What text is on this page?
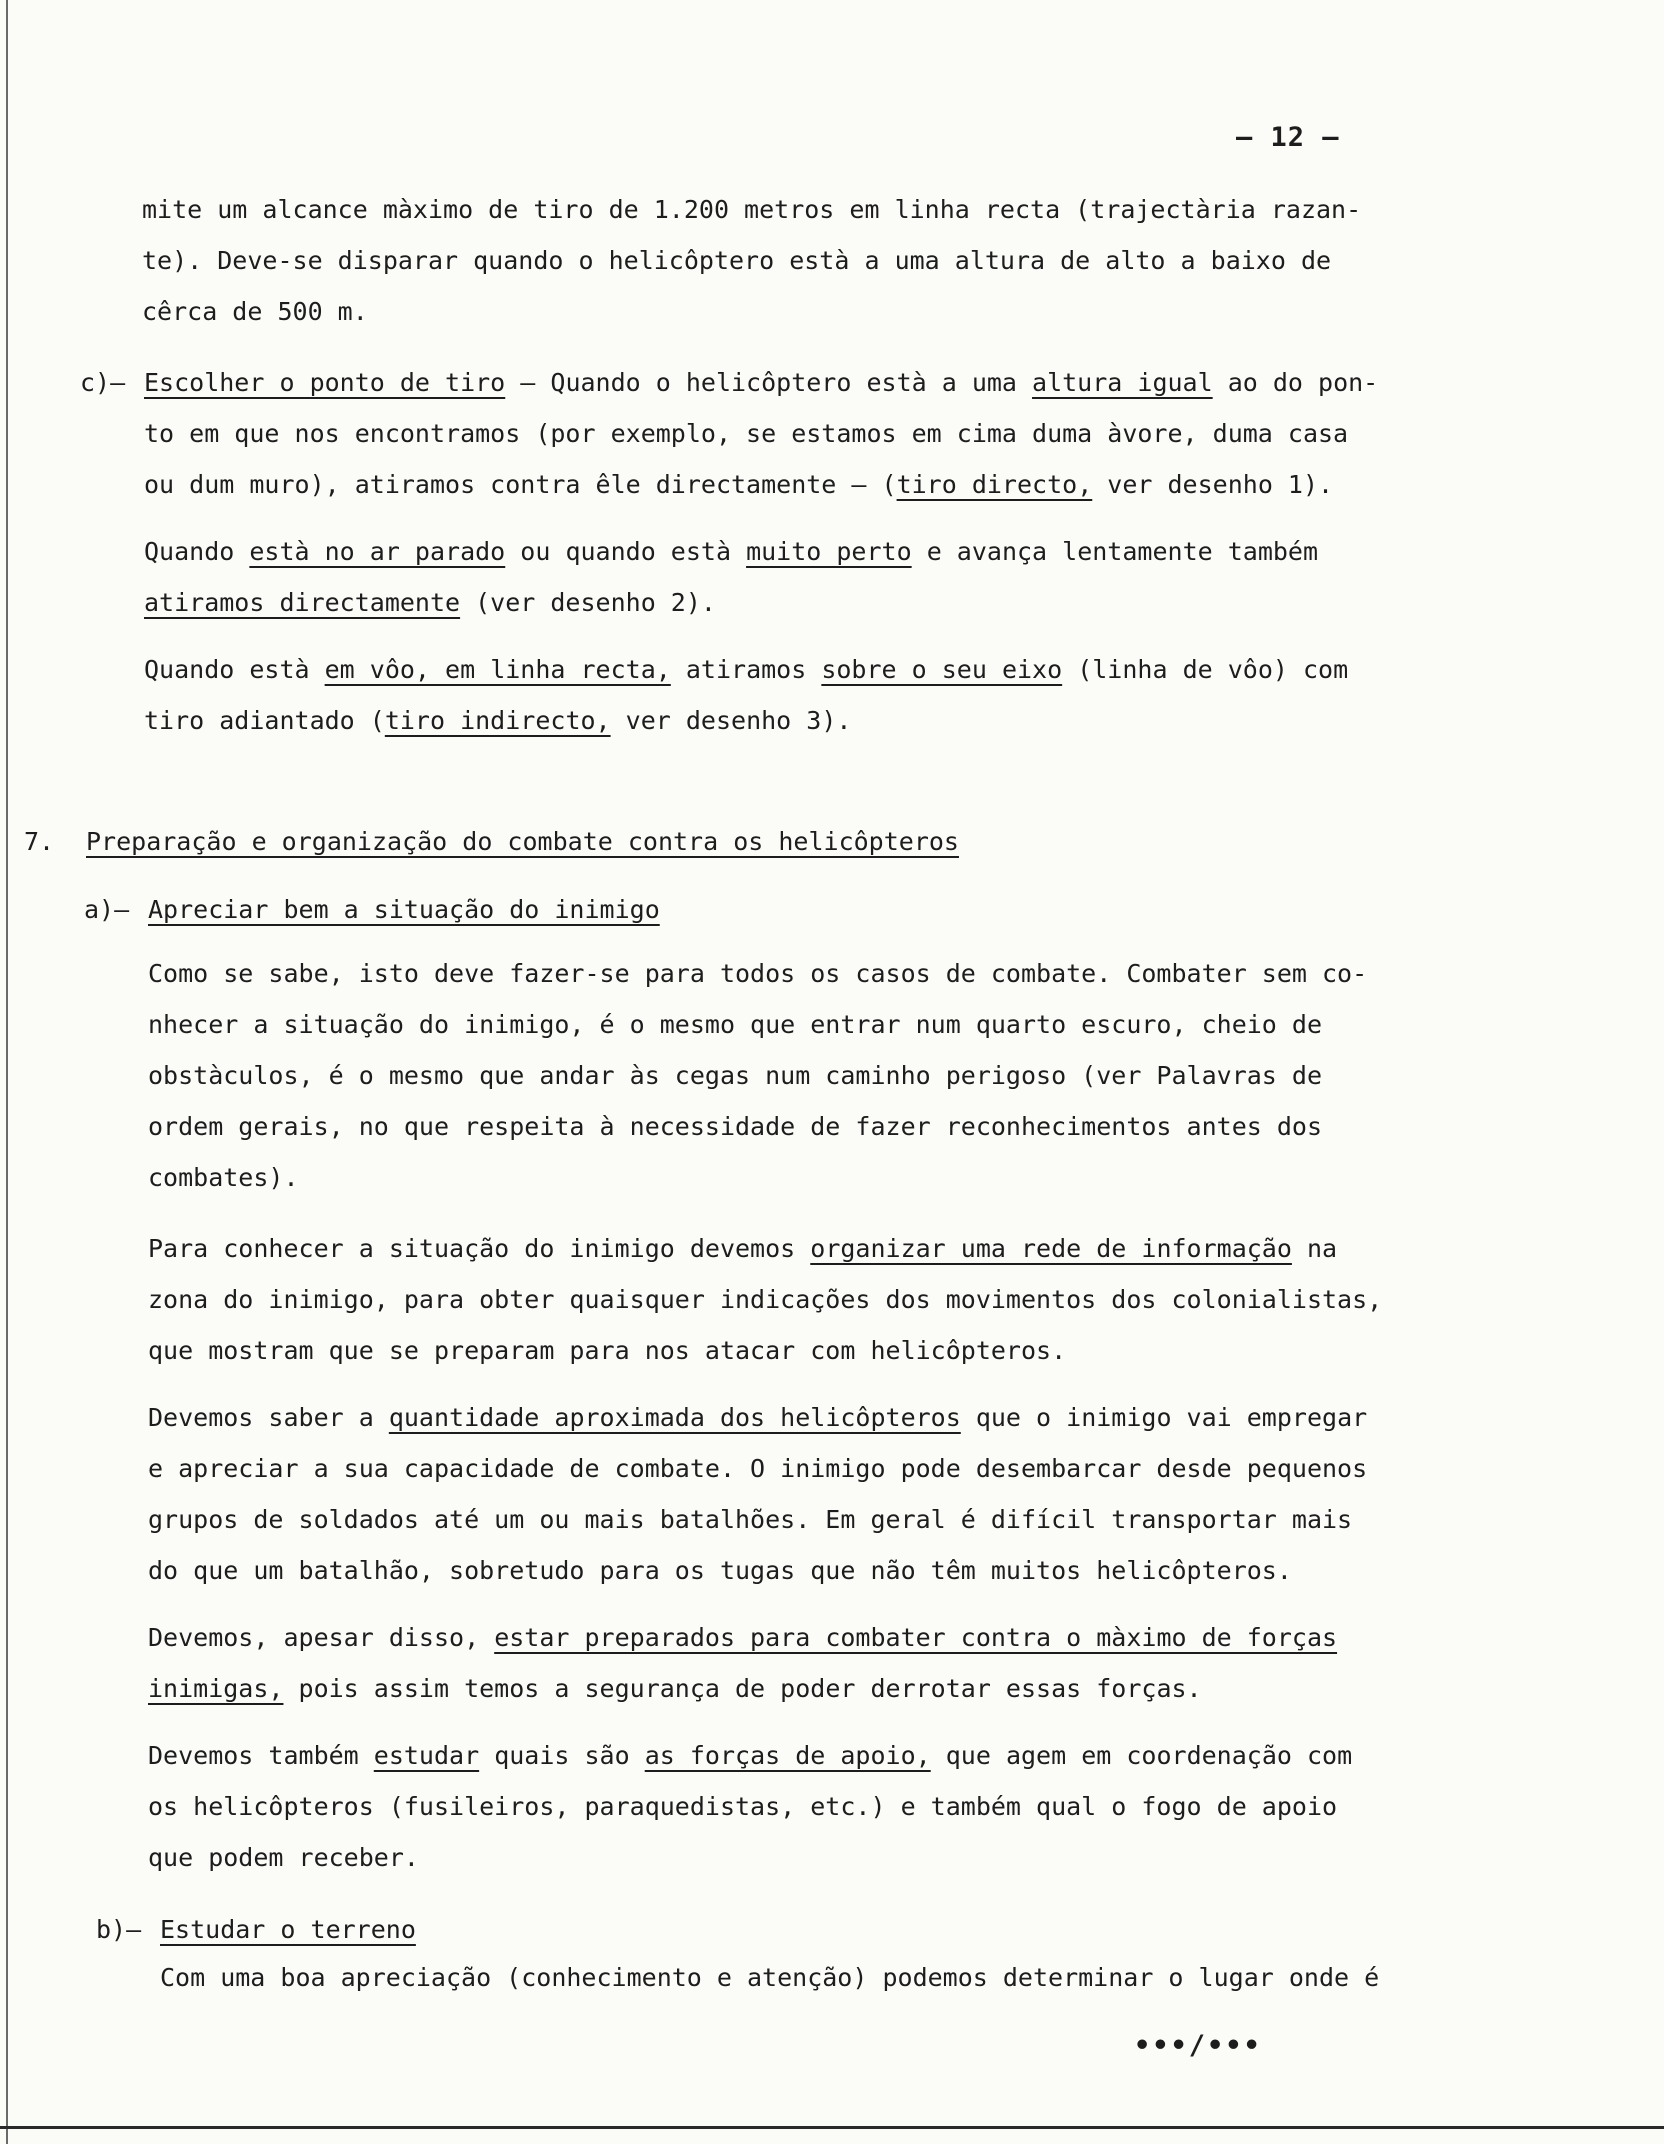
– 12 –
mite um alcance màximo de tiro de 1.200 metros em linha recta (trajectària razan-
te). Deve-se disparar quando o helicôptero està a uma altura de alto a baixo de
cêrca de 500 m.
c)– Escolher o ponto de tiro – Quando o helicôptero està a uma altura igual ao do pon-
to em que nos encontramos (por exemplo, se estamos em cima duma àvore, duma casa
ou dum muro), atiramos contra êle directamente – (tiro directo, ver desenho 1).
Quando està no ar parado ou quando està muito perto e avança lentamente também
atiramos directamente (ver desenho 2).
Quando està em vôo, em linha recta, atiramos sobre o seu eixo (linha de vôo) com
tiro adiantado (tiro indirecto, ver desenho 3).
7. Preparação e organização do combate contra os helicôpteros
a)– Apreciar bem a situação do inimigo
Como se sabe, isto deve fazer-se para todos os casos de combate. Combater sem co-
nhecer a situação do inimigo, é o mesmo que entrar num quarto escuro, cheio de
obstàculos, é o mesmo que andar às cegas num caminho perigoso (ver Palavras de
ordem gerais, no que respeita à necessidade de fazer reconhecimentos antes dos
combates).
Para conhecer a situação do inimigo devemos organizar uma rede de informação na
zona do inimigo, para obter quaisquer indicações dos movimentos dos colonialistas,
que mostram que se preparam para nos atacar com helicôpteros.
Devemos saber a quantidade aproximada dos helicôpteros que o inimigo vai empregar
e apreciar a sua capacidade de combate. O inimigo pode desembarcar desde pequenos
grupos de soldados até um ou mais batalhões. Em geral é difícil transportar mais
do que um batalhão, sobretudo para os tugas que não têm muitos helicôpteros.
Devemos, apesar disso, estar preparados para combater contra o màximo de forças
inimigas, pois assim temos a segurança de poder derrotar essas forças.
Devemos também estudar quais são as forças de apoio, que agem em coordenação com
os helicôpteros (fusileiros, paraquedistas, etc.) e também qual o fogo de apoio
que podem receber.
b)– Estudar o terreno
Com uma boa apreciação (conhecimento e atenção) podemos determinar o lugar onde é
•••/•••
